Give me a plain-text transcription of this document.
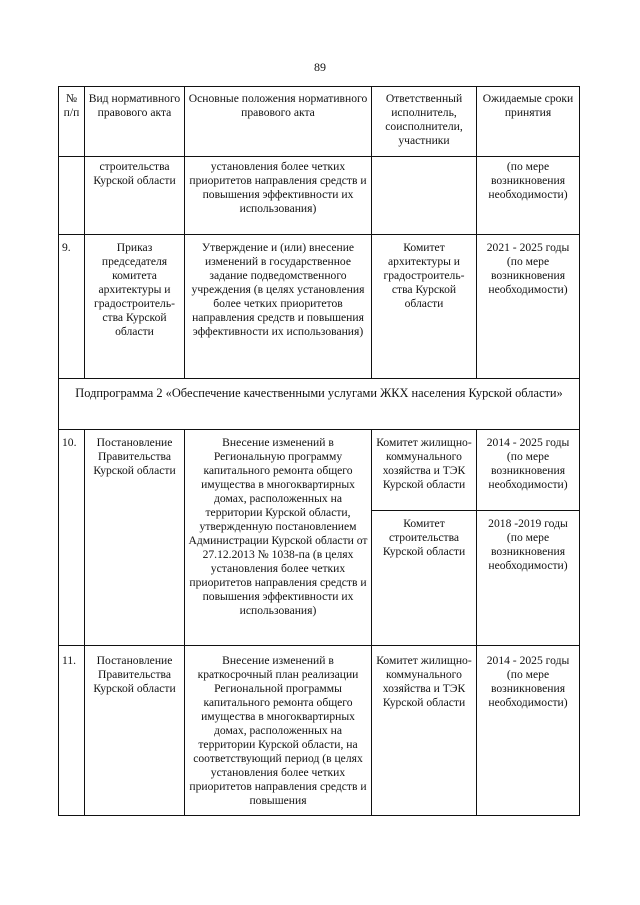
89
№ п/п	Вид нормативного правового акта	Основные положения нормативного правового акта	Ответственный исполнитель, соисполнители, участники	Ожидаемые сроки принятия
	строительства Курской области	установления более четких приоритетов направления средств и повышения эффективности их использования)		(по мере возникновения необходимости)
9.	Приказ председателя комитета архитектуры и градостроитель-ства Курской области	Утверждение и (или) внесение изменений в государственное задание подведомственного учреждения (в целях установления более четких приоритетов направления средств и повышения эффективности их использования)	Комитет архитектуры и градостроитель-ства Курской области	2021 - 2025 годы (по мере возникновения необходимости)
Подпрограмма 2 «Обеспечение качественными услугами ЖКХ населения Курской области»				
10.	Постановление Правительства Курской области	Внесение изменений в Региональную программу капитального ремонта общего имущества в многоквартирных домах, расположенных на территории Курской области, утвержденную постановлением Администрации Курской области от 27.12.2013 № 1038-па (в целях установления более четких приоритетов направления средств и повышения эффективности их использования)	Комитет жилищно-коммунального хозяйства и ТЭК Курской области	2014 - 2025 годы (по мере возникновения необходимости)
			Комитет строительства Курской области	2018 -2019 годы (по мере возникновения необходимости)
11.	Постановление Правительства Курской области	Внесение изменений в краткосрочный план реализации Региональной программы капитального ремонта общего имущества в многоквартирных домах, расположенных на территории Курской области, на соответствующий период (в целях установления более четких приоритетов направления средств и повышения	Комитет жилищно-коммунального хозяйства и ТЭК Курской области	2014 - 2025 годы (по мере возникновения необходимости)
